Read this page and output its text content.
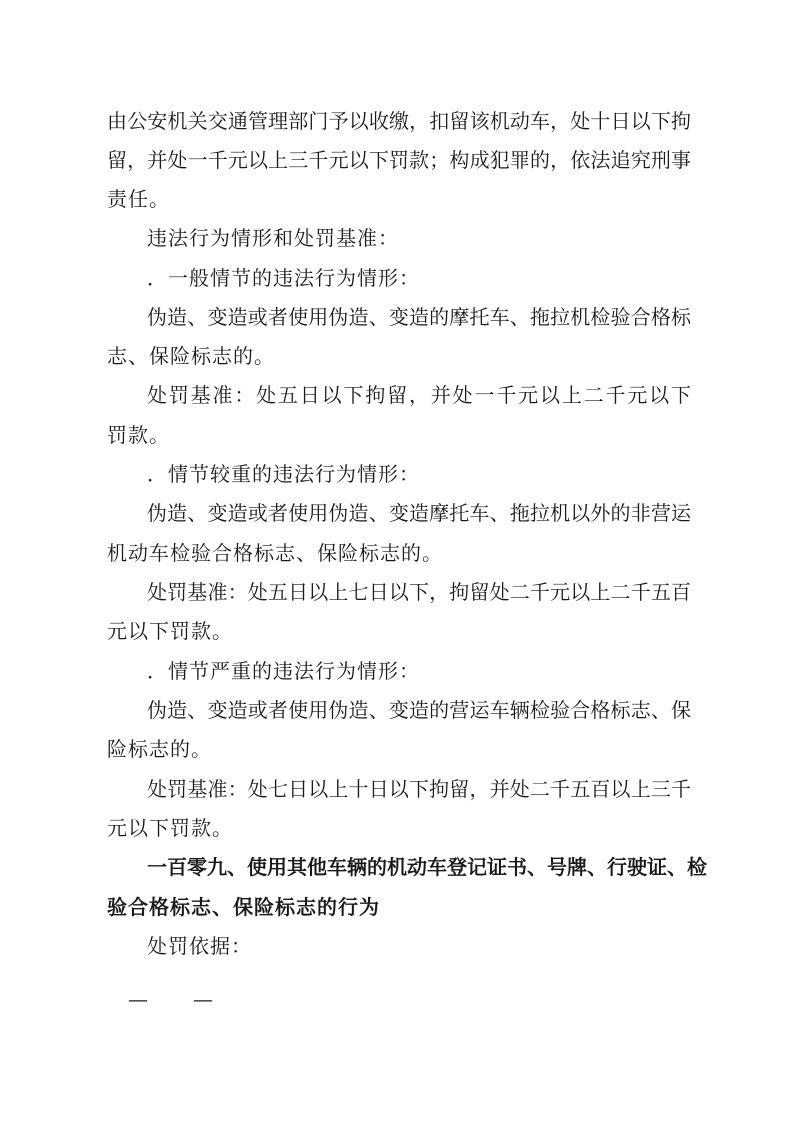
由公安机关交通管理部门予以收缴，扣留该机动车，处十日以下拘
留，并处一千元以上三千元以下罚款；构成犯罪的，依法追究刑事
责任。
违法行为情形和处罚基准：
．一般情节的违法行为情形：
伪造、变造或者使用伪造、变造的摩托车、拖拉机检验合格标
志、保险标志的。
处罚基准：处五日以下拘留，并处一千元以上二千元以下
罚款。
．情节较重的违法行为情形：
伪造、变造或者使用伪造、变造摩托车、拖拉机以外的非营运
机动车检验合格标志、保险标志的。
处罚基准：处五日以上七日以下，拘留处二千元以上二千五百
元以下罚款。
．情节严重的违法行为情形：
伪造、变造或者使用伪造、变造的营运车辆检验合格标志、保
险标志的。
处罚基准：处七日以上十日以下拘留，并处二千五百以上三千
元以下罚款。
一百零九、使用其他车辆的机动车登记证书、号牌、行驶证、检
验合格标志、保险标志的行为
处罚依据：
— —
